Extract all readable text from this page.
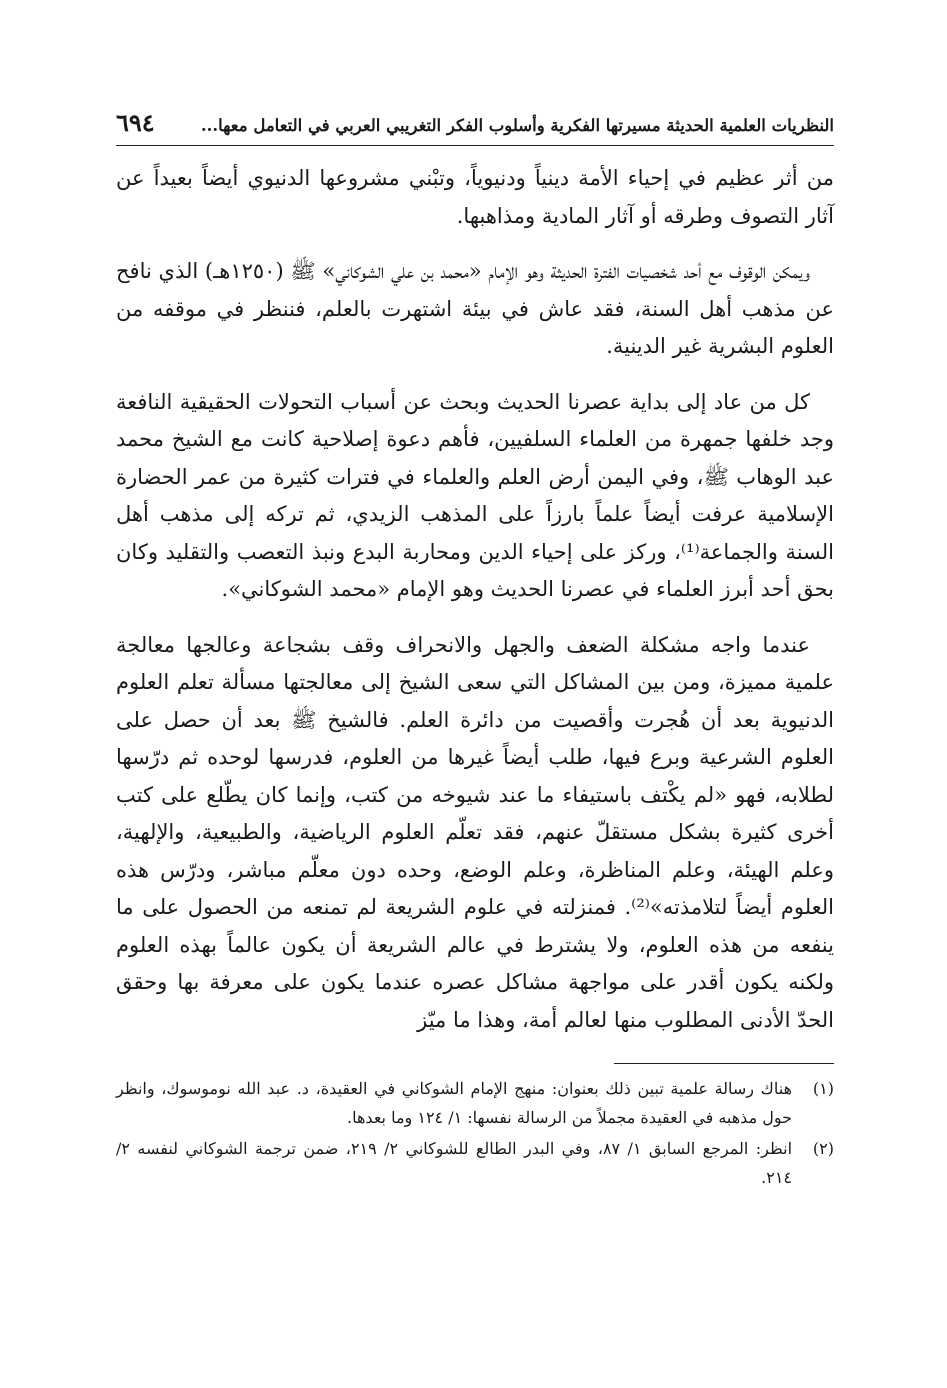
النظريات العلمية الحديثة مسيرتها الفكرية وأسلوب الفكر التغريبي العربي في التعامل معها...
٦٩٤

من أثر عظيم في إحياء الأمة دينياً ودنيوياً، وتبْني مشروعها الدنيوي أيضاً بعيداً عن آثار التصوف وطرقه أو آثار المادية ومذاهبها.

ويمكن الوقوف مع أحد شخصيات الفترة الحديثة وهو الإمام «محمد بن علي الشوكاني» ﷺ (١٢٥٠هـ) الذي نافح عن مذهب أهل السنة، فقد عاش في بيئة اشتهرت بالعلم، فننظر في موقفه من العلوم البشرية غير الدينية.

كل من عاد إلى بداية عصرنا الحديث وبحث عن أسباب التحولات الحقيقية النافعة وجد خلفها جمهرة من العلماء السلفيين، فأهم دعوة إصلاحية كانت مع الشيخ محمد عبد الوهاب ﷺ، وفي اليمن أرض العلم والعلماء في فترات كثيرة من عمر الحضارة الإسلامية عرفت أيضاً علماً بارزاً على المذهب الزيدي، ثم تركه إلى مذهب أهل السنة والجماعة⁽¹⁾، وركز على إحياء الدين ومحاربة البدع ونبذ التعصب والتقليد وكان بحق أحد أبرز العلماء في عصرنا الحديث وهو الإمام «محمد الشوكاني».

عندما واجه مشكلة الضعف والجهل والانحراف وقف بشجاعة وعالجها معالجة علمية مميزة، ومن بين المشاكل التي سعى الشيخ إلى معالجتها مسألة تعلم العلوم الدنيوية بعد أن هُجرت وأقصيت من دائرة العلم. فالشيخ ﷺ بعد أن حصل على العلوم الشرعية وبرع فيها، طلب أيضاً غيرها من العلوم، فدرسها لوحده ثم درّسها لطلابه، فهو «لم يكْتف باستيفاء ما عند شيوخه من كتب، وإنما كان يطّلع على كتب أخرى كثيرة بشكل مستقلّ عنهم، فقد تعلّم العلوم الرياضية، والطبيعية، والإلهية، وعلم الهيئة، وعلم المناظرة، وعلم الوضع، وحده دون معلّم مباشر، ودرّس هذه العلوم أيضاً لتلامذته»⁽²⁾. فمنزلته في علوم الشريعة لم تمنعه من الحصول على ما ينفعه من هذه العلوم، ولا يشترط في عالم الشريعة أن يكون عالماً بهذه العلوم ولكنه يكون أقدر على مواجهة مشاكل عصره عندما يكون على معرفة بها وحقق الحدّ الأدنى المطلوب منها لعالم أمة، وهذا ما ميّز

(١)
هناك رسالة علمية تبين ذلك بعنوان: منهج الإمام الشوكاني في العقيدة، د. عبد الله نوموسوك، وانظر حول مذهبه في العقيدة مجملاً من الرسالة نفسها: ١/ ١٢٤ وما بعدها.
(٢)
انظر: المرجع السابق ١/ ٨٧، وفي البدر الطالع للشوكاني ٢/ ٢١٩، ضمن ترجمة الشوكاني لنفسه ٢/ ٢١٤.
